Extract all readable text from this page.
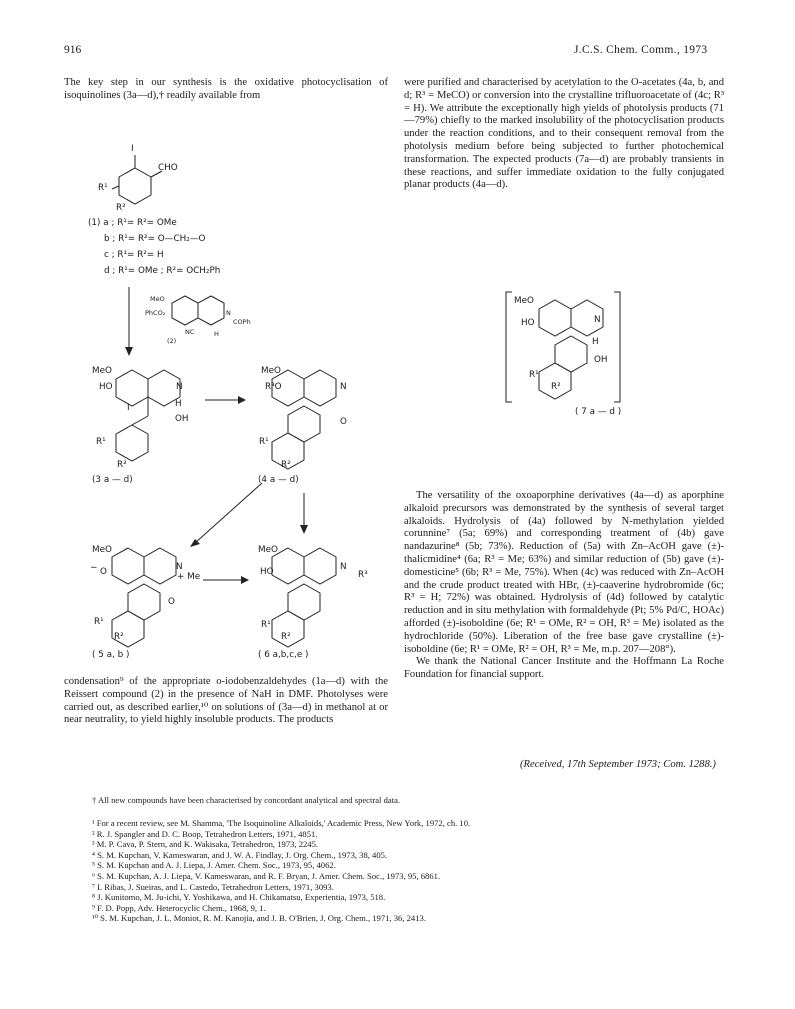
916	J.C.S. Chem. Comm., 1973
The key step in our synthesis is the oxidative photocyclisation of isoquinolines (3a—d),† readily available from
were purified and characterised by acetylation to the O-acetates (4a, b, and d; R³ = MeCO) or conversion into the crystalline trifluoroacetate of (4c; R³ = H). We attribute the exceptionally high yields of photolysis products (71—79%) chiefly to the marked insolubility of the photocyclisation products under the reaction conditions, and to their consequent removal from the photolysis medium before being subjected to further photochemical transformation. The expected products (7a—d) are probably transients in these reactions, and suffer immediate oxidation to the fully conjugated planar products (4a—d).
I
CHO
R¹
R²
(1) a ; R¹= R²= OMe
b ; R¹= R²= O—CH₂—O
c ; R¹= R²= H
d ; R¹= OMe ; R²= OCH₂Ph
MeO
PhCO₂	N
COPh
NC	H
(2)
MeO
HO	N
I	H
OH
R¹
R²
(3 a — d)
MeO
R³O	N
O
R¹
R²
(4 a — d)
MeO
HO	N
H
OH
R¹
R²
( 7 a — d )
MeO
− O	N
+ Me
O
R¹
R²
( 5 a, b )
MeO
HO	N
R³
R¹
R²
( 6 a,b,c,e )

The versatility of the oxoaporphine derivatives (4a—d) as aporphine alkaloid precursors was demonstrated by the synthesis of several target alkaloids. Hydrolysis of (4a) followed by N-methylation yielded corunnine⁷ (5a; 69%) and corresponding treatment of (4b) gave nandazurine⁸ (5b; 73%). Reduction of (5a) with Zn–AcOH gave (±)-thalicmidine⁴ (6a; R³ = Me; 63%) and similar reduction of (5b) gave (±)-domesticine⁵ (6b; R³ = Me, 75%). When (4c) was reduced with Zn–AcOH and the crude product treated with HBr, (±)-caaverine hydrobromide (6c; R³ = H; 72%) was obtained. Hydrolysis of (4d) followed by catalytic reduction and in situ methylation with formaldehyde (Pt; 5% Pd/C, HOAc) afforded (±)-isoboldine (6e; R¹ = OMe, R² = OH, R³ = Me) isolated as the hydrochloride (50%). Liberation of the free base gave crystalline (±)-isoboldine (6e; R¹ = OMe, R² = OH, R³ = Me, m.p. 207—208°).

We thank the National Cancer Institute and the Hoffmann La Roche Foundation for financial support.

condensation⁹ of the appropriate o-iodobenzaldehydes (1a—d) with the Reissert compound (2) in the presence of NaH in DMF. Photolyses were carried out, as described earlier,¹⁰ on solutions of (3a—d) in methanol at or near neutrality, to yield highly insoluble products. The products
(Received, 17th September 1973; Com. 1288.)
† All new compounds have been characterised by concordant analytical and spectral data.
¹ For a recent review, see M. Shamma, 'The Isoquinoline Alkaloids,' Academic Press, New York, 1972, ch. 10.
² R. J. Spangler and D. C. Boop, Tetrahedron Letters, 1971, 4851.
³ M. P. Cava, P. Stern, and K. Wakisaka, Tetrahedron, 1973, 2245.
⁴ S. M. Kupchan, V. Kameswaran, and J. W. A. Findlay, J. Org. Chem., 1973, 38, 405.
⁵ S. M. Kupchan and A. J. Liepa, J. Amer. Chem. Soc., 1973, 95, 4062.
⁶ S. M. Kupchan, A. J. Liepa, V. Kameswaran, and R. F. Bryan, J. Amer. Chem. Soc., 1973, 95, 6861.
⁷ I. Ribas, J. Sueiras, and L. Castedo, Tetrahedron Letters, 1971, 3093.
⁸ J. Kunitomo, M. Ju-ichi, Y. Yoshikawa, and H. Chikamatsu, Experientia, 1973, 518.
⁹ F. D. Popp, Adv. Heterocyclic Chem., 1968, 9, 1.
¹⁰ S. M. Kupchan, J. L. Moniot, R. M. Kanojia, and J. B. O'Brien, J. Org. Chem., 1971, 36, 2413.
